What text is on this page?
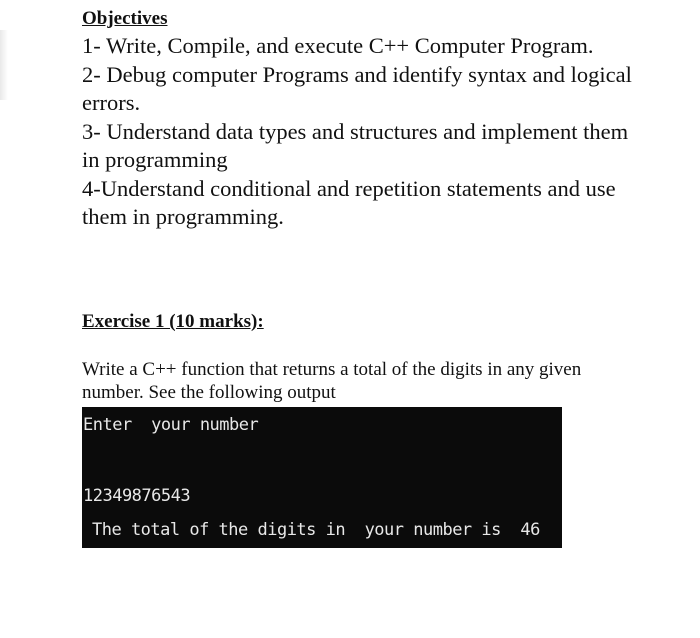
Objectives

1- Write, Compile, and execute C++ Computer Program.

2- Debug computer Programs and identify syntax and logical errors.

3- Understand data types and structures and implement them in programming

4-Understand conditional and repetition statements and use them in programming.

Exercise 1 (10 marks):
Write a C++ function that returns a total of the digits in any given number. See the following output
Enter  your number
12349876543
The total of the digits in  your number is  46
